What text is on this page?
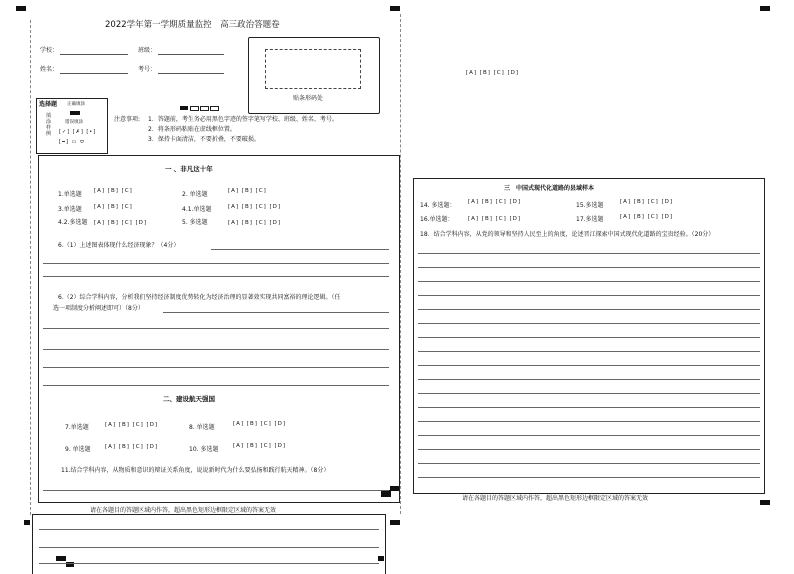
2022学年第一学期质量监控　高三政治答题卷
学校：	班级：
姓名：	考号：
贴条形码处
[A] [B] [C] [D]
选择题 正确填涂
错误填涂
[✓] [✗] [•]
[━] ▭ ⬭
填涂样例
注意事项 : 1．答题前，考生务必用黑色字迹的签字笔写学校、班级、姓名、考号。
2．将条形码粘贴在虚线框位置。
3．保持卡面清洁，不要折叠，不要破损。
一 、非凡这十年
1.单选题 [A] [B] [C]	2. 单选题	[A] [B] [C]
3.单选题 [A] [B] [C]	4.1.单选题	[A] [B] [C] [D]
4.2.多选题 [A] [B] [C] [D]	5. 多选题	[A] [B] [C] [D]
6.（1）上述图表体现什么经济现象？（4分）
6.（2）综合学科内容，分析我们坚持经济制度优势转化为经济治理的显著效实现共同富裕的理论逻辑。（任
选一项制度分析阐述即可）（8分）
二、建设航天强国
7.单选题	[A] [B] [C] [D]	8. 单选题	[A] [B] [C] [D]
9. 单选题	[A] [B] [C] [D]	10. 多选题	[A] [B] [C] [D]
11.结合学科内容，从物质和意识的辩证关系角度，说说新时代为什么要弘扬和践行航天精神。（8分）
请在各题目的答题区域内作答，超出黑色矩形边框限定区域的答案无效
三　中国式现代化道路的县域样本
14. 多选题： [A] [B] [C] [D]	15.多选题	[A] [B] [C] [D]
16.单选题：	[A] [B] [C] [D]	17.多选题	[A] [B] [C] [D]
18．结合学科内容，从党的领导和坚持人民至上的角度，论述晋江探索中国式现代化道路的宝贵经验。（20分）
请在各题目的答题区域内作答，超出黑色矩形边框限定区域的答案无效
